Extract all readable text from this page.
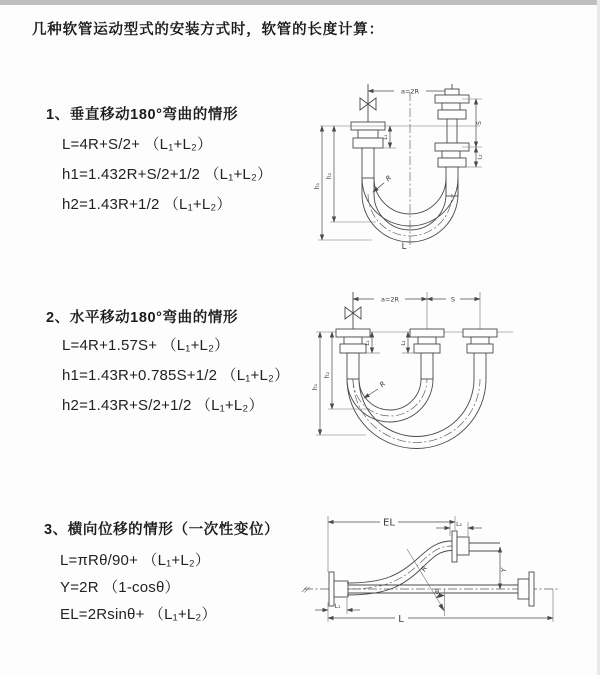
几种软管运动型式的安装方式时，软管的长度计算：
1、垂直移动180°弯曲的情形
L=4R+S/2+ （L₁+L₂）
h1=1.432R+S/2+1/2 （L₁+L₂）
h2=1.43R+1/2 （L₁+L₂）
2、水平移动180°弯曲的情形
L=4R+1.57S+ （L₁+L₂）
h1=1.43R+0.785S+1/2 （L₁+L₂）
h2=1.43R+S/2+1/2 （L₁+L₂）
3、横向位移的情形（一次性变位）
L=πRθ/90+ （L₁+L₂）
Y=2R （1-cosθ）
EL=2Rsinθ+ （L₁+L₂）
a=2R
h₁
h₂
L₁
S
L₂
R
L
a=2R	S
h₁
h₂
L₁	L₂
R
EL	L₂
Y
R
θ
L₁
L
